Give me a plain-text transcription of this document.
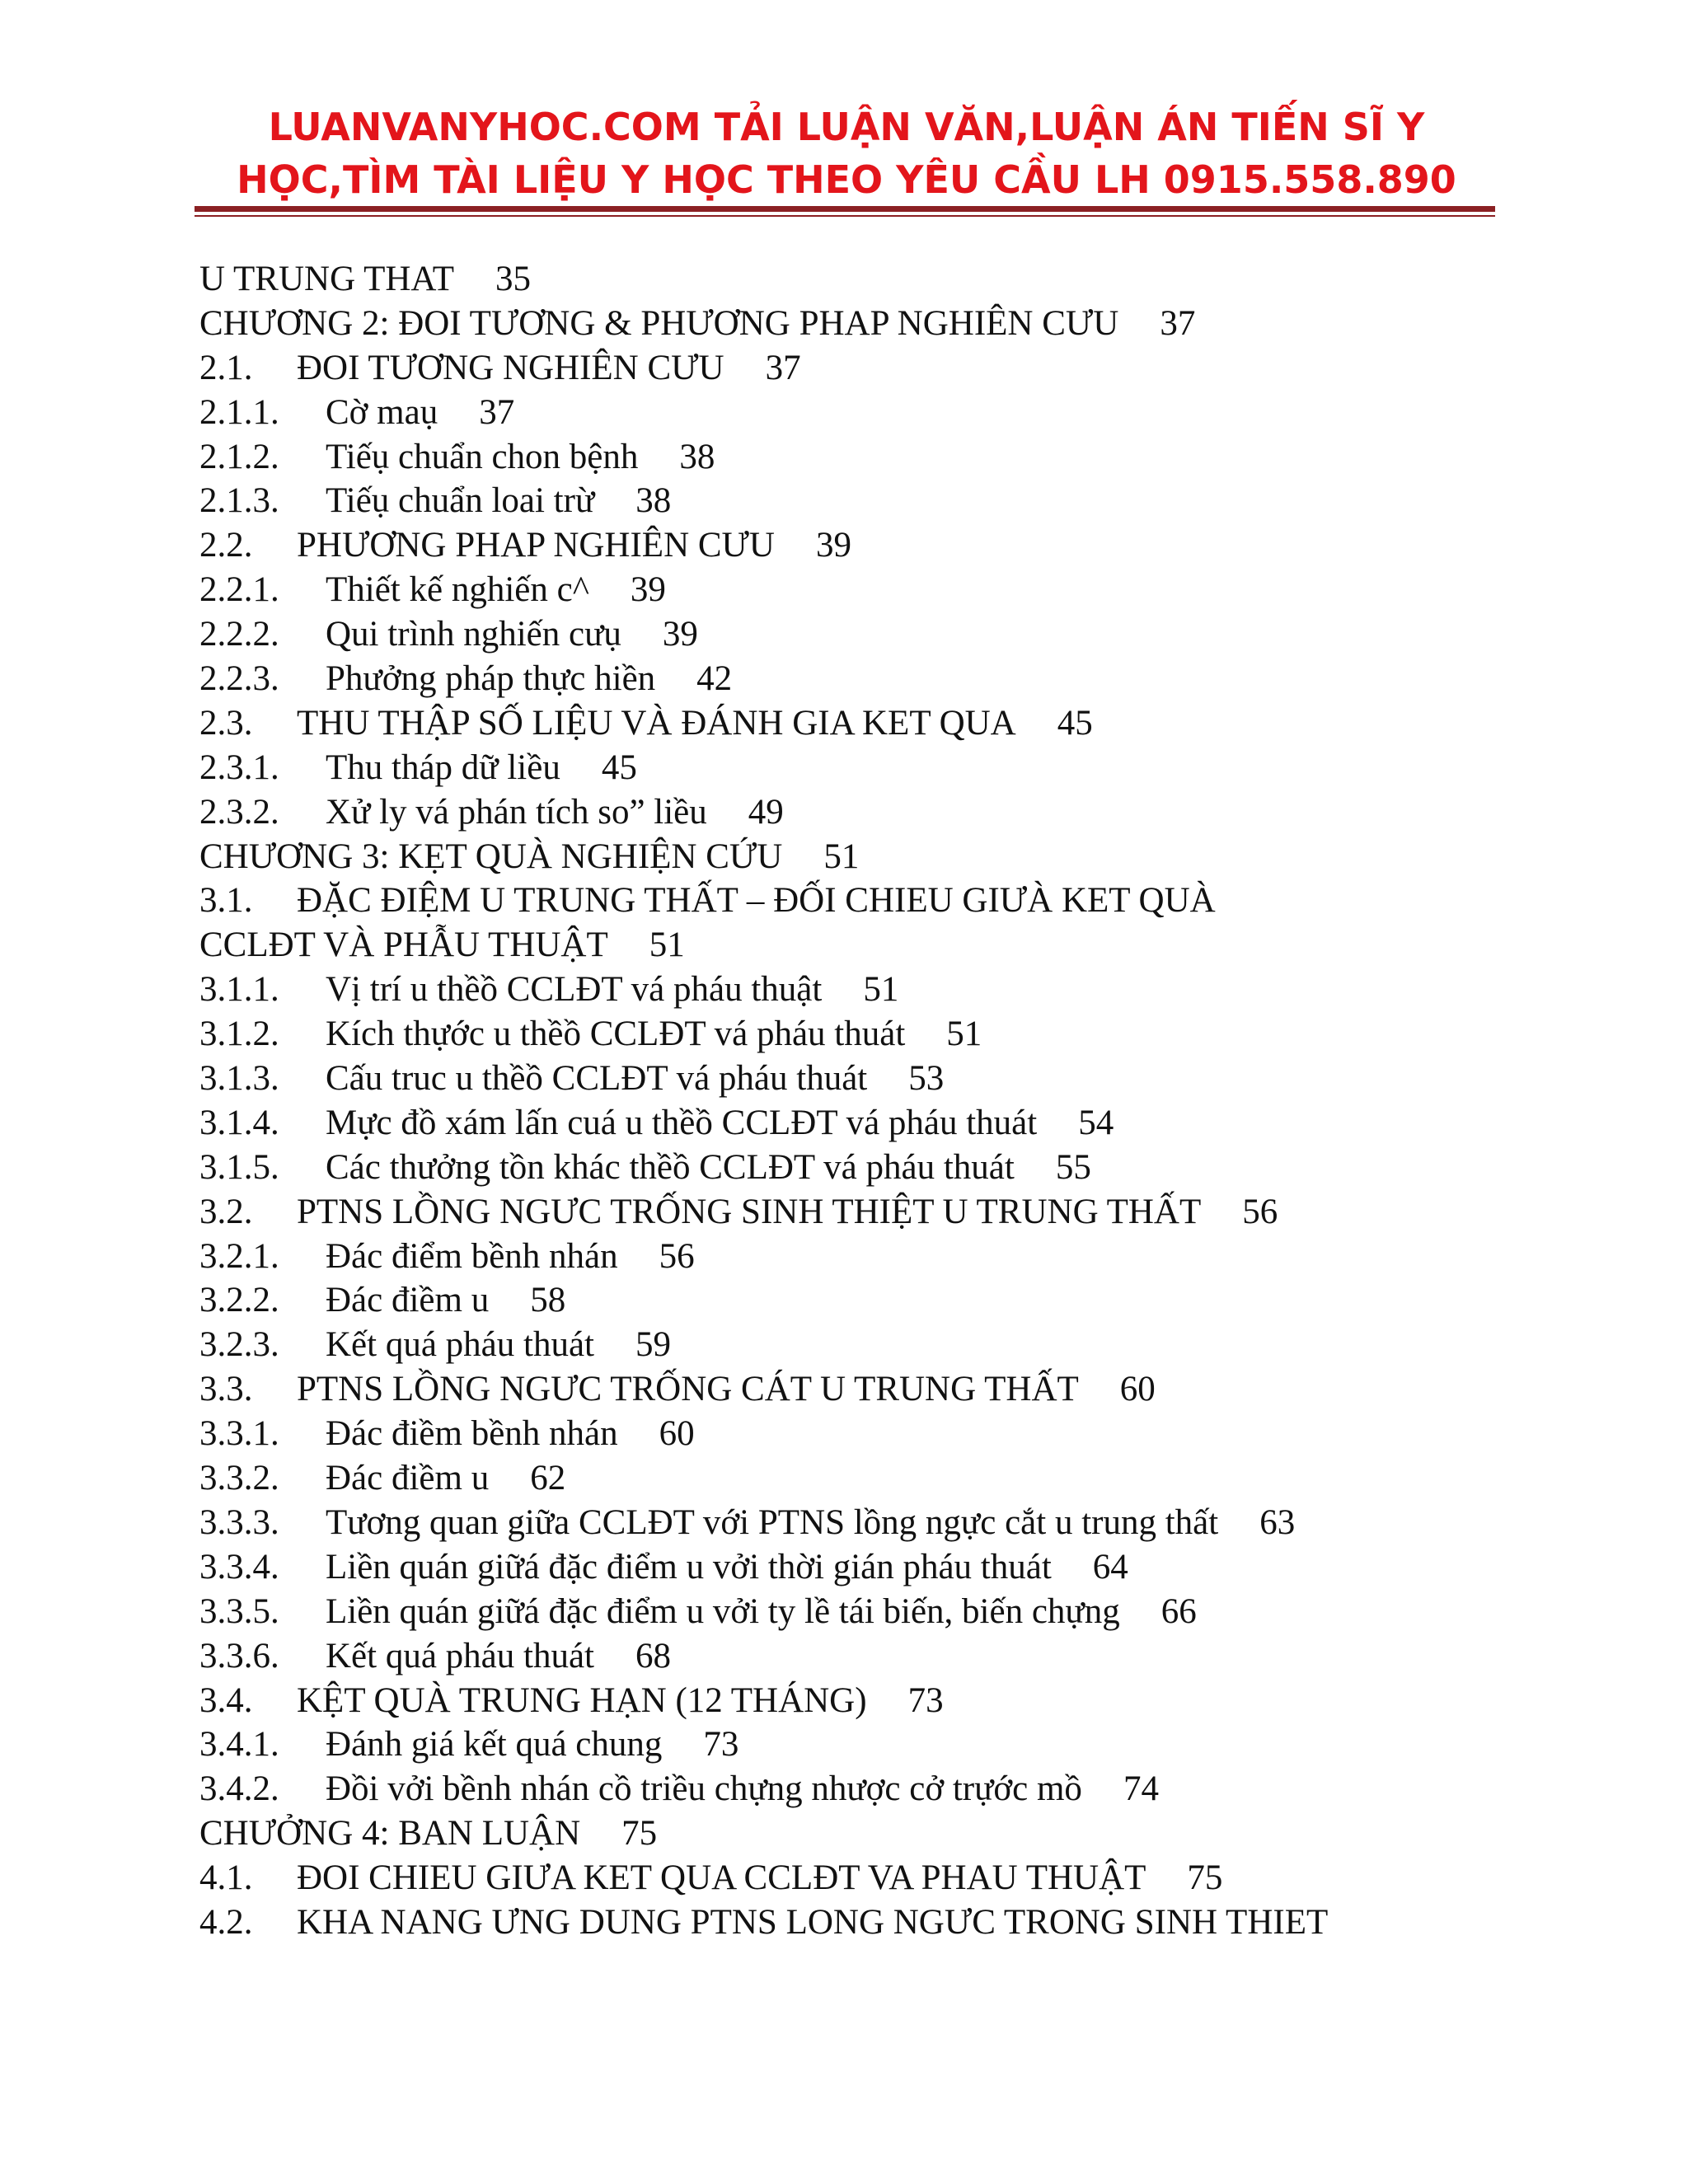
LUANVANYHOC.COM TẢI LUẬN VĂN,LUẬN ÁN TIẾN SĨ Y
HỌC,TÌM TÀI LIỆU Y HỌC THEO YÊU CẦU LH 0915.558.890
U TRUNG THAT 35
CHƯƠNG 2: ĐOI TƯƠNG & PHƯƠNG PHAP NGHIÊN CƯU 37
2.1. ĐOI TƯƠNG NGHIÊN CƯU 37
2.1.1. Cờ maụ 37
2.1.2. Tiếụ chuẩn chon bệnh 38
2.1.3. Tiếụ chuẩn loai trừ 38
2.2. PHƯƠNG PHAP NGHIÊN CƯU 39
2.2.1. Thiết kế nghiến c^ 39
2.2.2. Qui trình nghiến cưụ 39
2.2.3. Phưởng pháp thực hiền 42
2.3. THU THẬP SỐ LIỆU VÀ ĐÁNH GIA KET QUA 45
2.3.1. Thu tháp dữ liều 45
2.3.2. Xử ly vá phán tích so” liều 49
CHƯƠNG 3: KẸT QUÀ NGHIỆN CỨU 51
3.1. ĐẶC ĐIỆM U TRUNG THẤT – ĐỐI CHIEU GIƯÀ KET QUÀ
CCLĐT VÀ PHẪU THUẬT 51
3.1.1. Vị trí u thềồ CCLĐT vá pháu thuật 51
3.1.2. Kích thựớc u thềồ CCLĐT vá pháu thuát 51
3.1.3. Cấu truc u thềồ CCLĐT vá pháu thuát 53
3.1.4. Mực đồ xám lấn cuá u thềồ CCLĐT vá pháu thuát 54
3.1.5. Các thưởng tồn khác thềồ CCLĐT vá pháu thuát 55
3.2. PTNS LỒNG NGƯC TRỐNG SINH THIỆT U TRUNG THẤT 56
3.2.1. Đác điểm bềnh nhán 56
3.2.2. Đác điềm u 58
3.2.3. Kết quá pháu thuát 59
3.3. PTNS LỒNG NGƯC TRỐNG CÁT U TRUNG THẤT 60
3.3.1. Đác điềm bềnh nhán 60
3.3.2. Đác điềm u 62
3.3.3. Tương quan giữa CCLĐT với PTNS lồng ngực cắt u trung thất 63
3.3.4. Liền quán giữá đặc điểm u vởi thời gián pháu thuát 64
3.3.5. Liền quán giữá đặc điểm u vởi ty lề tái biến, biến chựng 66
3.3.6. Kết quá pháu thuát 68
3.4. KỆT QUÀ TRUNG HẠN (12 THÁNG) 73
3.4.1. Đánh giá kết quá chung 73
3.4.2. Đồi vởi bềnh nhán cồ triều chựng nhược cở trựớc mồ 74
CHƯỞNG 4: BAN LUẬN 75
4.1. ĐOI CHIEU GIƯA KET QUA CCLĐT VA PHAU THUẬT 75
4.2. KHA NANG ƯNG DUNG PTNS LONG NGƯC TRONG SINH THIET
